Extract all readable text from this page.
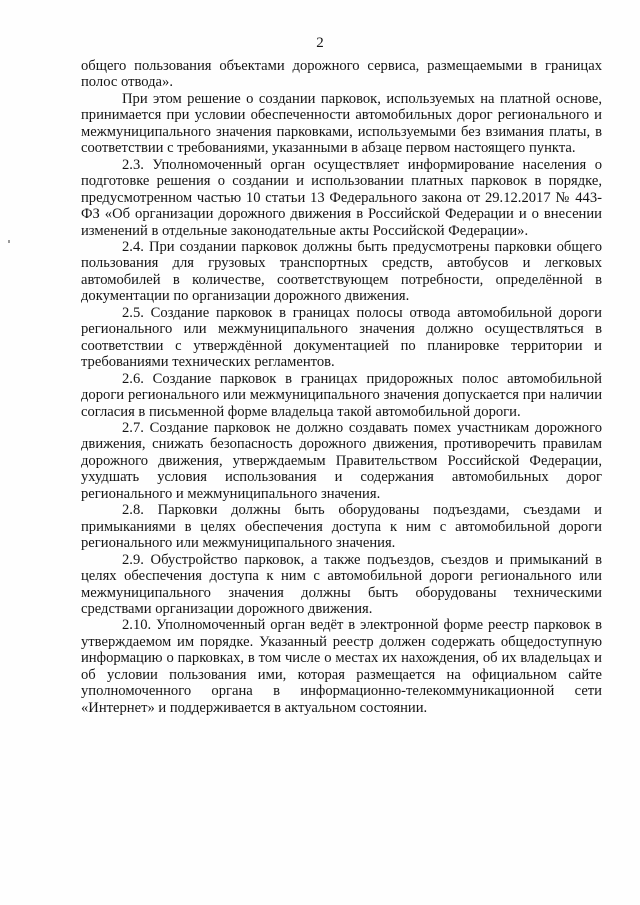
2

общего пользования объектами дорожного сервиса, размещаемыми в границах полос отвода».

При этом решение о создании парковок, используемых на платной основе, принимается при условии обеспеченности автомобильных дорог регионального и межмуниципального значения парковками, используемыми без взимания платы, в соответствии с требованиями, указанными в абзаце первом настоящего пункта.

2.3. Уполномоченный орган осуществляет информирование населения о подготовке решения о создании и использовании платных парковок в порядке, предусмотренном частью 10 статьи 13 Федерального закона от 29.12.2017 № 443-ФЗ «Об организации дорожного движения в Российской Федерации и о внесении изменений в отдельные законодательные акты Российской Федерации».

2.4. При создании парковок должны быть предусмотрены парковки общего пользования для грузовых транспортных средств, автобусов и легковых автомобилей в количестве, соответствующем потребности, определённой в документации по организации дорожного движения.

2.5. Создание парковок в границах полосы отвода автомобильной дороги регионального или межмуниципального значения должно осуществляться в соответствии с утверждённой документацией по планировке территории и требованиями технических регламентов.

2.6. Создание парковок в границах придорожных полос автомобильной дороги регионального или межмуниципального значения допускается при наличии согласия в письменной форме владельца такой автомобильной дороги.

2.7. Создание парковок не должно создавать помех участникам дорожного движения, снижать безопасность дорожного движения, противоречить правилам дорожного движения, утверждаемым Правительством Российской Федерации, ухудшать условия использования и содержания автомобильных дорог регионального и межмуниципального значения.

2.8. Парковки должны быть оборудованы подъездами, съездами и примыканиями в целях обеспечения доступа к ним с автомобильной дороги регионального или межмуниципального значения.

2.9. Обустройство парковок, а также подъездов, съездов и примыканий в целях обеспечения доступа к ним с автомобильной дороги регионального или межмуниципального значения должны быть оборудованы техническими средствами организации дорожного движения.

2.10. Уполномоченный орган ведёт в электронной форме реестр парковок в утверждаемом им порядке. Указанный реестр должен содержать общедоступную информацию о парковках, в том числе о местах их нахождения, об их владельцах и об условии пользования ими, которая размещается на официальном сайте уполномоченного органа в информационно-телекоммуникационной сети «Интернет» и поддерживается в актуальном состоянии.
